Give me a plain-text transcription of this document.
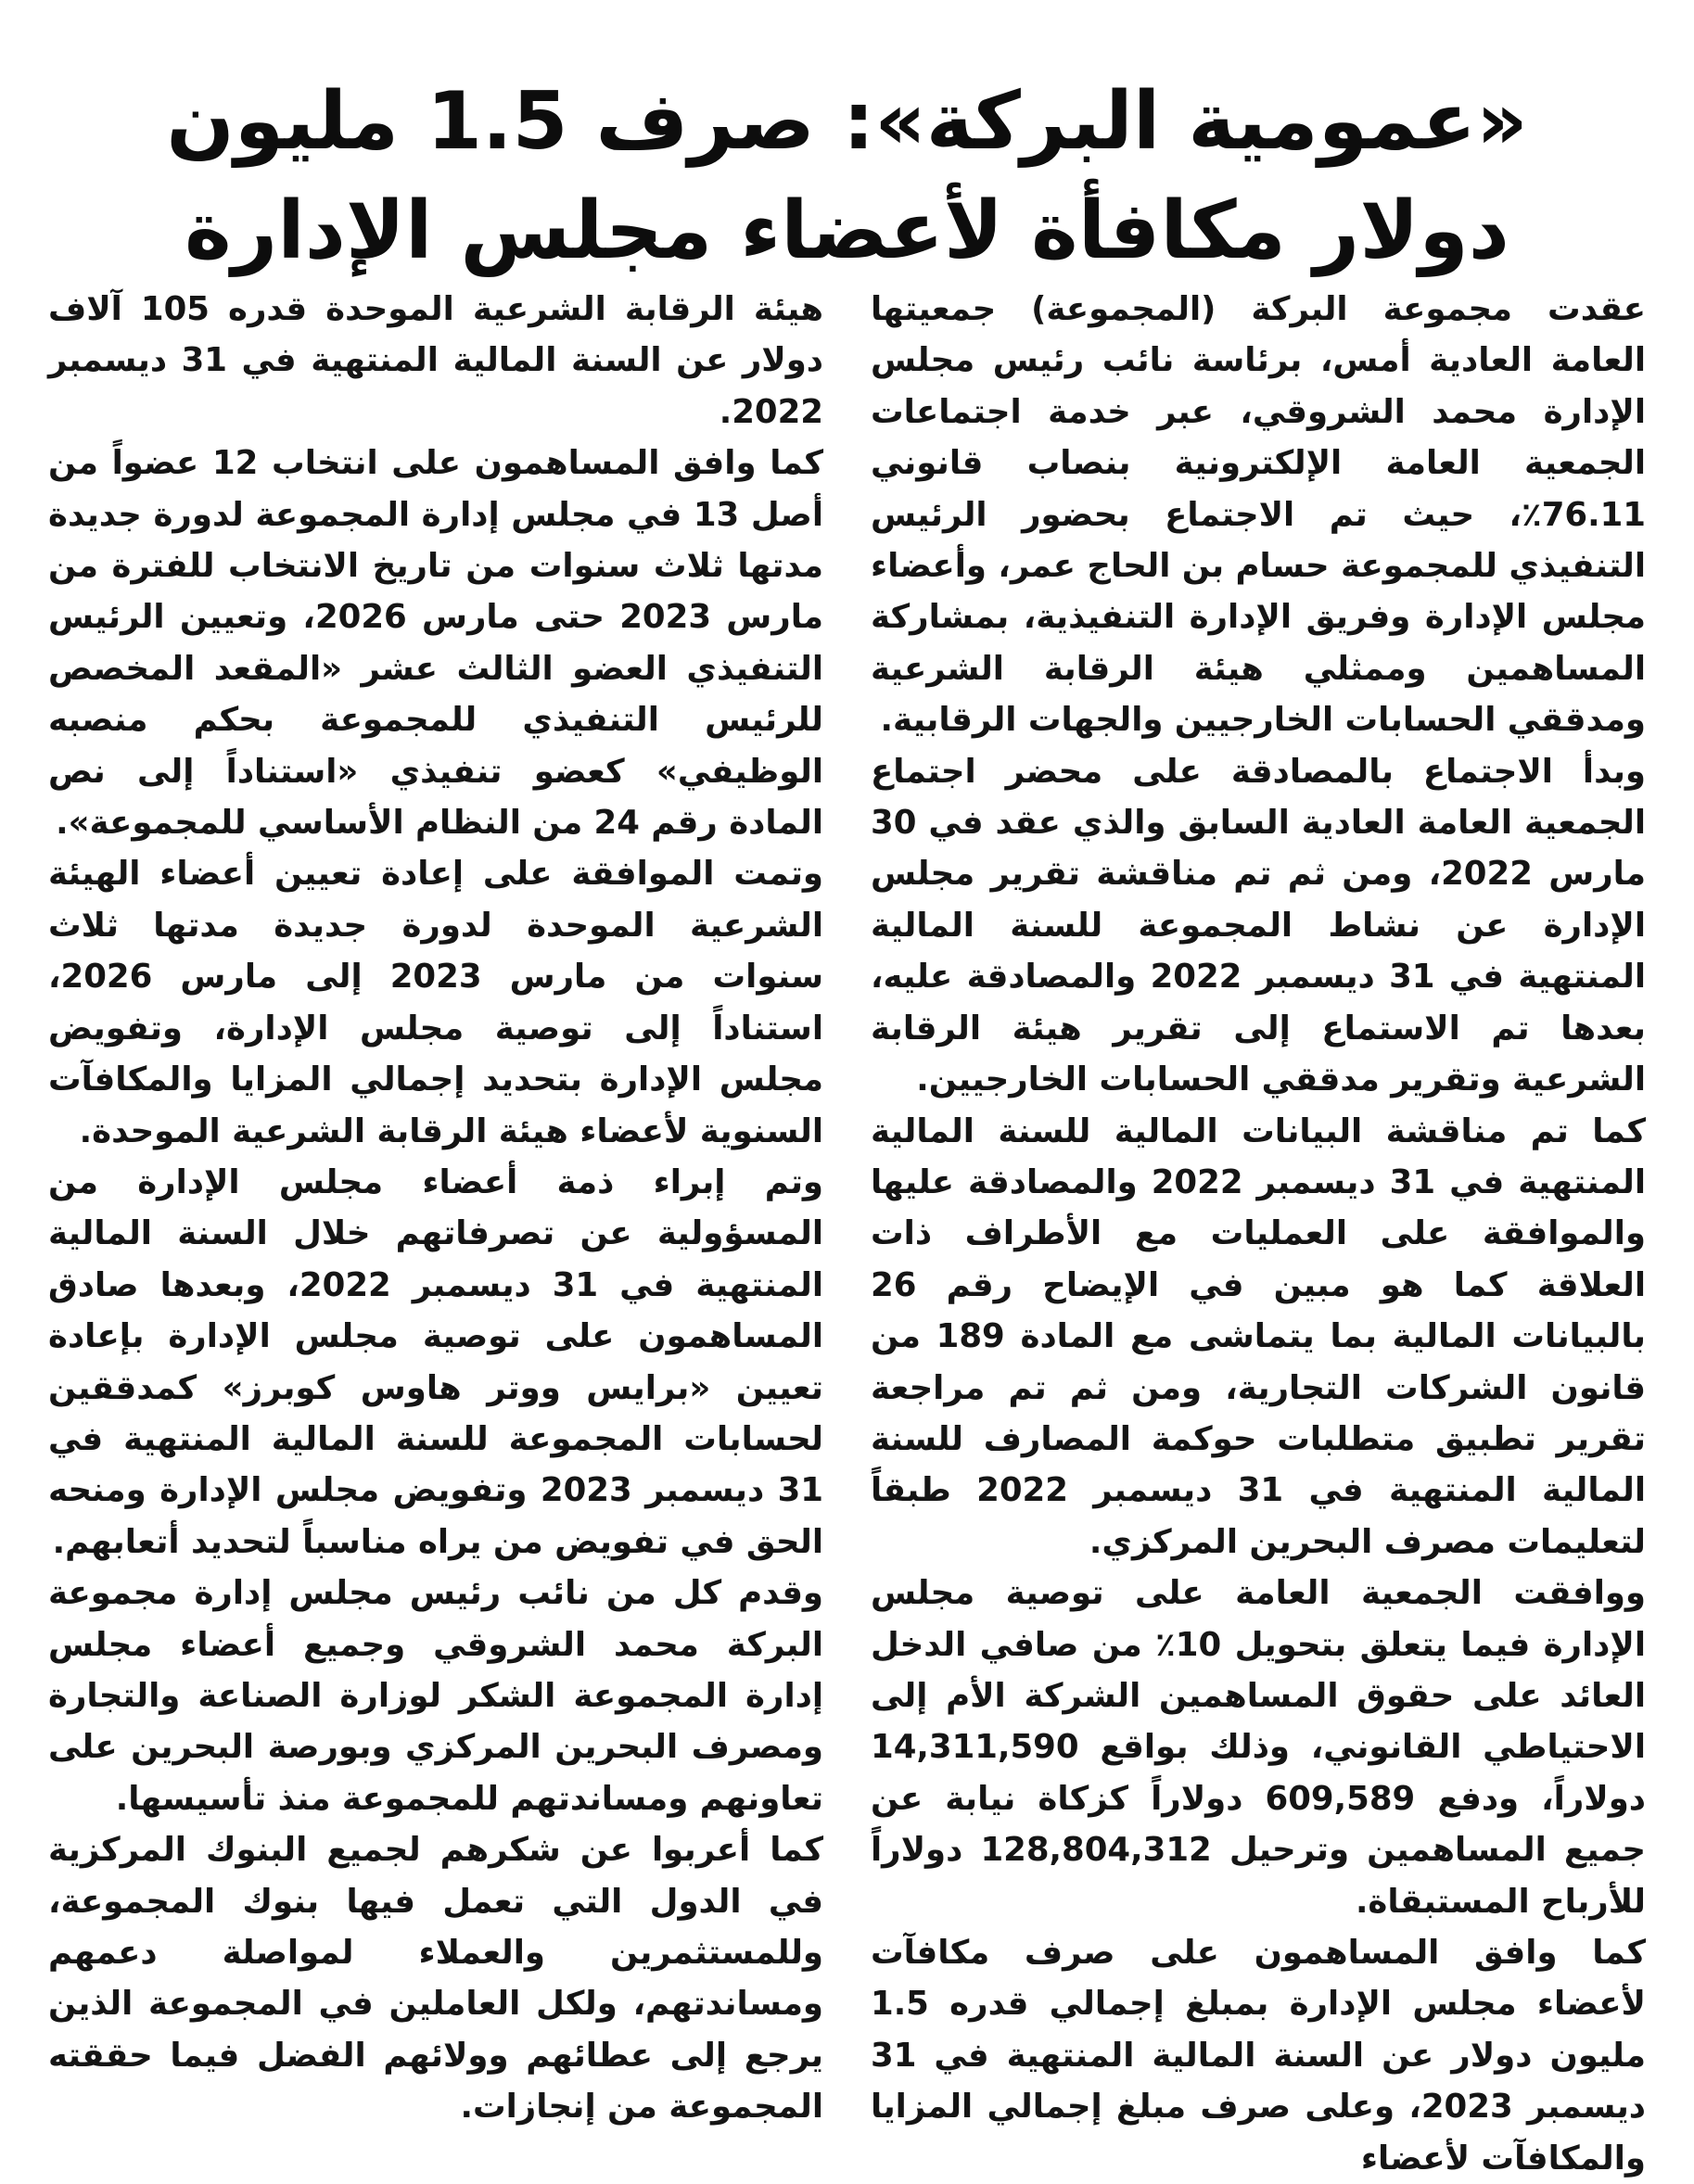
«عمومية البركة»: صرف 1.5 مليون
دولار مكافأة لأعضاء مجلس الإدارة

عقدت مجموعة البركة (المجموعة) جمعيتها العامة العادية أمس، برئاسة نائب رئيس مجلس الإدارة محمد الشروقي، عبر خدمة اجتماعات الجمعية العامة الإلكترونية بنصاب قانوني 76.11٪، حيث تم الاجتماع بحضور الرئيس التنفيذي للمجموعة حسام بن الحاج عمر، وأعضاء مجلس الإدارة وفريق الإدارة التنفيذية، بمشاركة المساهمين وممثلي هيئة الرقابة الشرعية ومدققي الحسابات الخارجيين والجهات الرقابية.

وبدأ الاجتماع بالمصادقة على محضر اجتماع الجمعية العامة العادية السابق والذي عقد في 30 مارس 2022، ومن ثم تم مناقشة تقرير مجلس الإدارة عن نشاط المجموعة للسنة المالية المنتهية في 31 ديسمبر 2022 والمصادقة عليه، بعدها تم الاستماع إلى تقرير هيئة الرقابة الشرعية وتقرير مدققي الحسابات الخارجيين.

كما تم مناقشة البيانات المالية للسنة المالية المنتهية في 31 ديسمبر 2022 والمصادقة عليها والموافقة على العمليات مع الأطراف ذات العلاقة كما هو مبين في الإيضاح رقم 26 بالبيانات المالية بما يتماشى مع المادة 189 من قانون الشركات التجارية، ومن ثم تم مراجعة تقرير تطبيق متطلبات حوكمة المصارف للسنة المالية المنتهية في 31 ديسمبر 2022 طبقاً لتعليمات مصرف البحرين المركزي.

ووافقت الجمعية العامة على توصية مجلس الإدارة فيما يتعلق بتحويل 10٪ من صافي الدخل العائد على حقوق المساهمين الشركة الأم إلى الاحتياطي القانوني، وذلك بواقع 14,311,590 دولاراً، ودفع 609,589 دولاراً كزكاة نيابة عن جميع المساهمين وترحيل 128,804,312 دولاراً للأرباح المستبقاة.

كما وافق المساهمون على صرف مكافآت لأعضاء مجلس الإدارة بمبلغ إجمالي قدره 1.5 مليون دولار عن السنة المالية المنتهية في 31 ديسمبر 2023، وعلى صرف مبلغ إجمالي المزايا والمكافآت لأعضاء

هيئة الرقابة الشرعية الموحدة قدره 105 آلاف دولار عن السنة المالية المنتهية في 31 ديسمبر 2022.

كما وافق المساهمون على انتخاب 12 عضواً من أصل 13 في مجلس إدارة المجموعة لدورة جديدة مدتها ثلاث سنوات من تاريخ الانتخاب للفترة من مارس 2023 حتى مارس 2026، وتعيين الرئيس التنفيذي العضو الثالث عشر «المقعد المخصص للرئيس التنفيذي للمجموعة بحكم منصبه الوظيفي» كعضو تنفيذي «استناداً إلى نص المادة رقم 24 من النظام الأساسي للمجموعة».

وتمت الموافقة على إعادة تعيين أعضاء الهيئة الشرعية الموحدة لدورة جديدة مدتها ثلاث سنوات من مارس 2023 إلى مارس 2026، استناداً إلى توصية مجلس الإدارة، وتفويض مجلس الإدارة بتحديد إجمالي المزايا والمكافآت السنوية لأعضاء هيئة الرقابة الشرعية الموحدة.

وتم إبراء ذمة أعضاء مجلس الإدارة من المسؤولية عن تصرفاتهم خلال السنة المالية المنتهية في 31 ديسمبر 2022، وبعدها صادق المساهمون على توصية مجلس الإدارة بإعادة تعيين «برايس ووتر هاوس كوبرز» كمدققين لحسابات المجموعة للسنة المالية المنتهية في 31 ديسمبر 2023 وتفويض مجلس الإدارة ومنحه الحق في تفويض من يراه مناسباً لتحديد أتعابهم.

وقدم كل من نائب رئيس مجلس إدارة مجموعة البركة محمد الشروقي وجميع أعضاء مجلس إدارة المجموعة الشكر لوزارة الصناعة والتجارة ومصرف البحرين المركزي وبورصة البحرين على تعاونهم ومساندتهم للمجموعة منذ تأسيسها.

كما أعربوا عن شكرهم لجميع البنوك المركزية في الدول التي تعمل فيها بنوك المجموعة، وللمستثمرين والعملاء لمواصلة دعمهم ومساندتهم، ولكل العاملين في المجموعة الذين يرجع إلى عطائهم وولائهم الفضل فيما حققته المجموعة من إنجازات.
